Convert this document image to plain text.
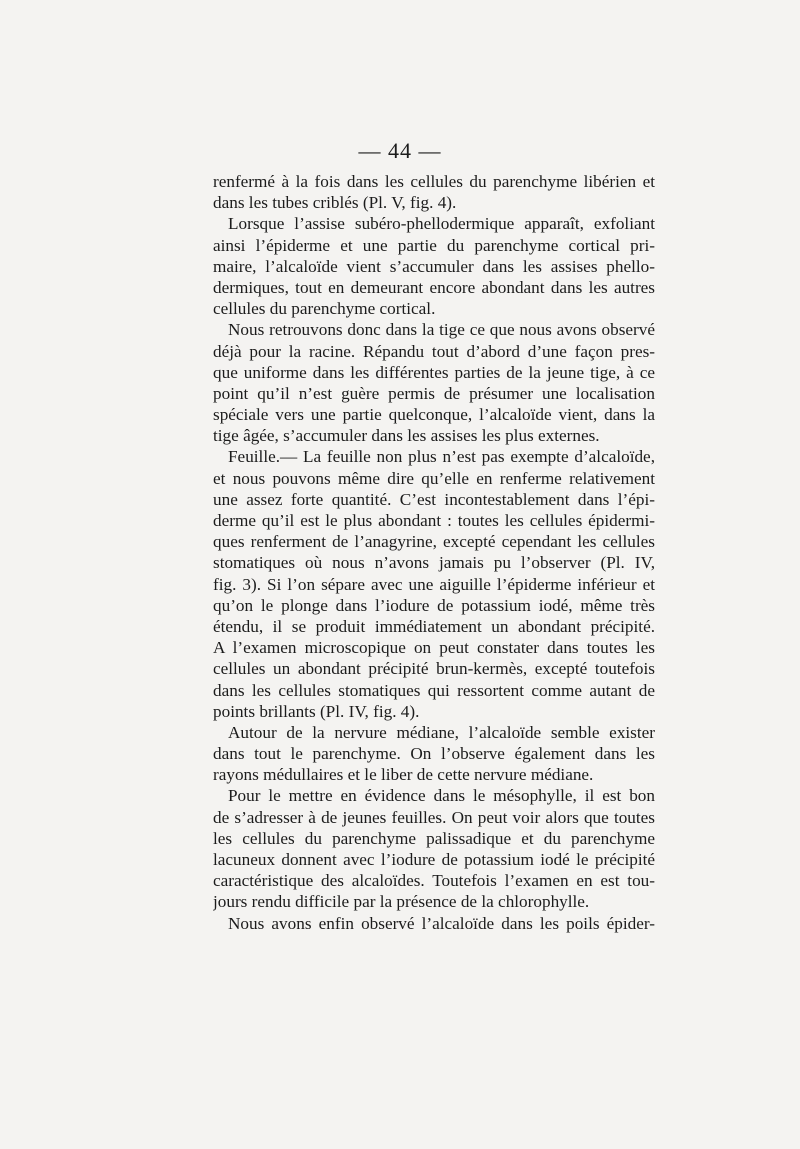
— 44 —
renfermé à la fois dans les cellules du parenchyme libérien et
dans les tubes criblés (Pl. V, fig. 4).
Lorsque l’assise subéro-phellodermique apparaît, exfoliant
ainsi l’épiderme et une partie du parenchyme cortical pri-
maire, l’alcaloïde vient s’accumuler dans les assises phello-
dermiques, tout en demeurant encore abondant dans les autres
cellules du parenchyme cortical.
Nous retrouvons donc dans la tige ce que nous avons observé
déjà pour la racine. Répandu tout d’abord d’une façon pres-
que uniforme dans les différentes parties de la jeune tige, à ce
point qu’il n’est guère permis de présumer une localisation
spéciale vers une partie quelconque, l’alcaloïde vient, dans la
tige âgée, s’accumuler dans les assises les plus externes.
Feuille.— La feuille non plus n’est pas exempte d’alcaloïde,
et nous pouvons même dire qu’elle en renferme relativement
une assez forte quantité. C’est incontestablement dans l’épi-
derme qu’il est le plus abondant : toutes les cellules épidermi-
ques renferment de l’anagyrine, excepté cependant les cellules
stomatiques où nous n’avons jamais pu l’observer (Pl. IV,
fig. 3). Si l’on sépare avec une aiguille l’épiderme inférieur et
qu’on le plonge dans l’iodure de potassium iodé, même très
étendu, il se produit immédiatement un abondant précipité.
A l’examen microscopique on peut constater dans toutes les
cellules un abondant précipité brun-kermès, excepté toutefois
dans les cellules stomatiques qui ressortent comme autant de
points brillants (Pl. IV, fig. 4).
Autour de la nervure médiane, l’alcaloïde semble exister
dans tout le parenchyme. On l’observe également dans les
rayons médullaires et le liber de cette nervure médiane.
Pour le mettre en évidence dans le mésophylle, il est bon
de s’adresser à de jeunes feuilles. On peut voir alors que toutes
les cellules du parenchyme palissadique et du parenchyme
lacuneux donnent avec l’iodure de potassium iodé le précipité
caractéristique des alcaloïdes. Toutefois l’examen en est tou-
jours rendu difficile par la présence de la chlorophylle.
Nous avons enfin observé l’alcaloïde dans les poils épider-
